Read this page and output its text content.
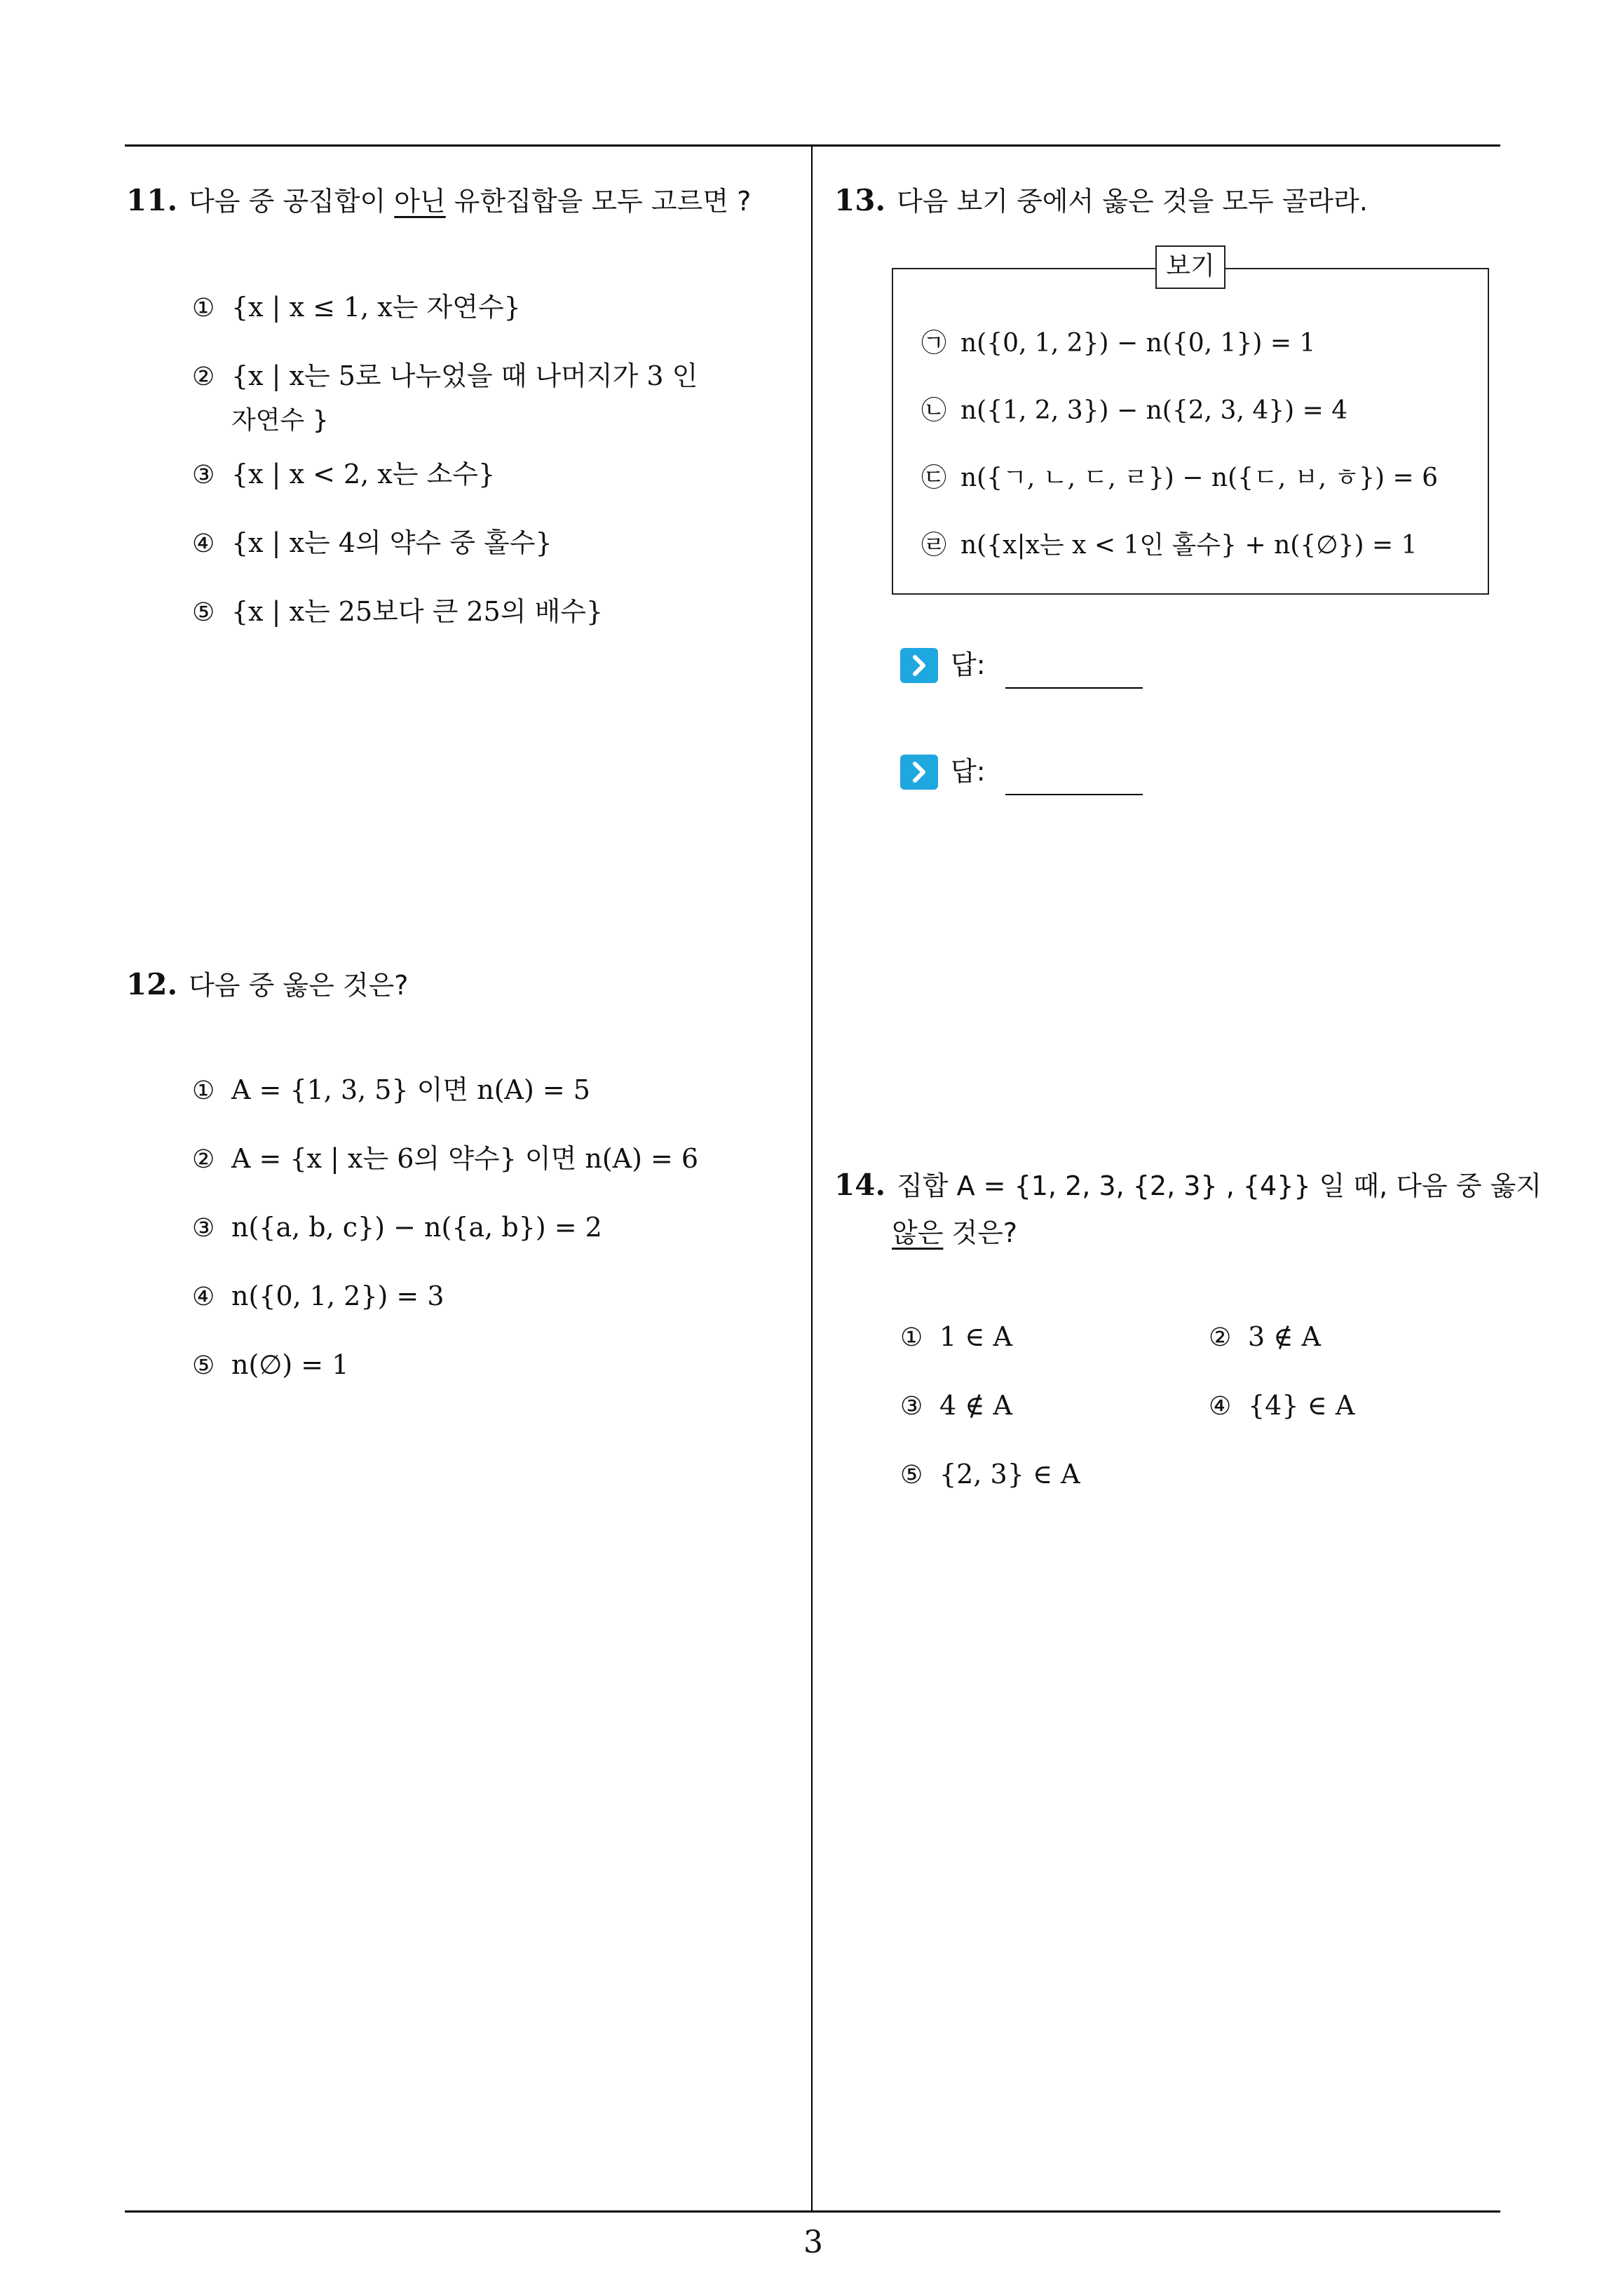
11. 다음 중 공집합이 아닌 유한집합을 모두 고르면 ?
① {x | x ≤ 1, x는 자연수}
② {x | x는 5로 나누었을 때 나머지가 3 인
자연수 }
③ {x | x < 2, x는 소수}
④ {x | x는 4의 약수 중 홀수}
⑤ {x | x는 25보다 큰 25의 배수}
12. 다음 중 옳은 것은?
① A = {1, 3, 5} 이면 n(A) = 5
② A = {x | x는 6의 약수} 이면 n(A) = 6
③ n({a, b, c}) − n({a, b}) = 2
④ n({0, 1, 2}) = 3
⑤ n(∅) = 1
13. 다음 보기 중에서 옳은 것을 모두 골라라.
보기
㉠ n({0, 1, 2}) − n({0, 1}) = 1
㉡ n({1, 2, 3}) − n({2, 3, 4}) = 4
㉢ n({ㄱ, ㄴ, ㄷ, ㄹ}) − n({ㄷ, ㅂ, ㅎ}) = 6
㉣ n({x|x는 x < 1인 홀수} + n({∅}) = 1
답:
답:
14. 집합 A = {1, 2, 3, {2, 3} , {4}} 일 때, 다음 중 옳지
않은 것은?
① 1 ∈ A	② 3 ∉ A
③ 4 ∉ A	④ {4} ∈ A
⑤ {2, 3} ∈ A
3
